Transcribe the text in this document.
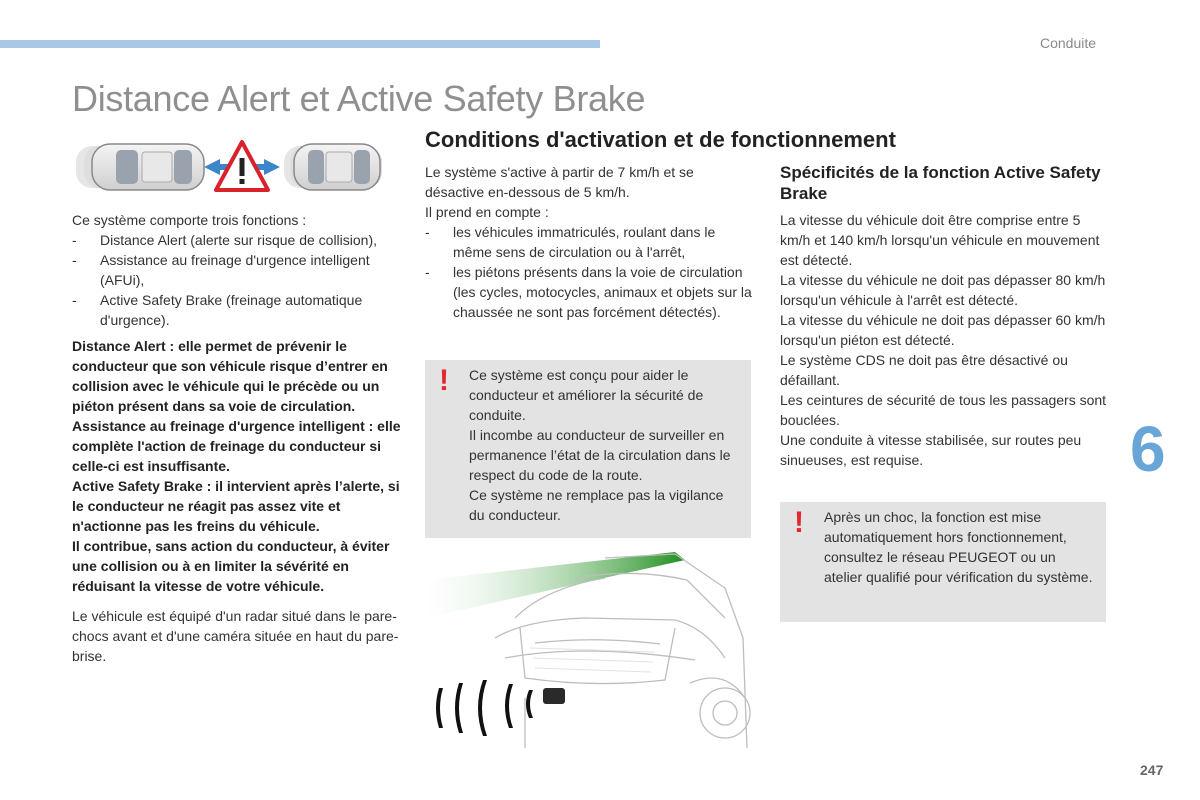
Conduite
Distance Alert et Active Safety Brake

Ce système comporte trois fonctions :

- Distance Alert (alerte sur risque de collision),
- Assistance au freinage d'urgence intelligent (AFUi),
- Active Safety Brake (freinage automatique d'urgence).

Distance Alert : elle permet de prévenir le conducteur que son véhicule risque d’entrer en collision avec le véhicule qui le précède ou un piéton présent dans sa voie de circulation.

Assistance au freinage d'urgence intelligent : elle complète l'action de freinage du conducteur si celle-ci est insuffisante.

Active Safety Brake : il intervient après l’alerte, si le conducteur ne réagit pas assez vite et n'actionne pas les freins du véhicule.

Il contribue, sans action du conducteur, à éviter une collision ou à en limiter la sévérité en réduisant la vitesse de votre véhicule.

Le véhicule est équipé d'un radar situé dans le pare-chocs avant et d'une caméra située en haut du pare-brise.

Conditions d'activation et de fonctionnement

Le système s'active à partir de 7 km/h et se désactive en-dessous de 5 km/h.

Il prend en compte :

- les véhicules immatriculés, roulant dans le même sens de circulation ou à l'arrêt,
- les piétons présents dans la voie de circulation (les cycles, motocycles, animaux et objets sur la chaussée ne sont pas forcément détectés).
! Ce système est conçu pour aider le conducteur et améliorer la sécurité de conduite.

Il incombe au conducteur de surveiller en permanence l’état de la circulation dans le respect du code de la route.

Ce système ne remplace pas la vigilance du conducteur.

Spécificités de la fonction Active Safety Brake

La vitesse du véhicule doit être comprise entre 5 km/h et 140 km/h lorsqu'un véhicule en mouvement est détecté.

La vitesse du véhicule ne doit pas dépasser 80 km/h lorsqu'un véhicule à l'arrêt est détecté.

La vitesse du véhicule ne doit pas dépasser 60 km/h lorsqu'un piéton est détecté.

Le système CDS ne doit pas être désactivé ou défaillant.

Les ceintures de sécurité de tous les passagers sont bouclées.

Une conduite à vitesse stabilisée, sur routes peu sinueuses, est requise.

! Après un choc, la fonction est mise automatiquement hors fonctionnement, consultez le réseau PEUGEOT ou un atelier qualifié pour vérification du système.

6
247
